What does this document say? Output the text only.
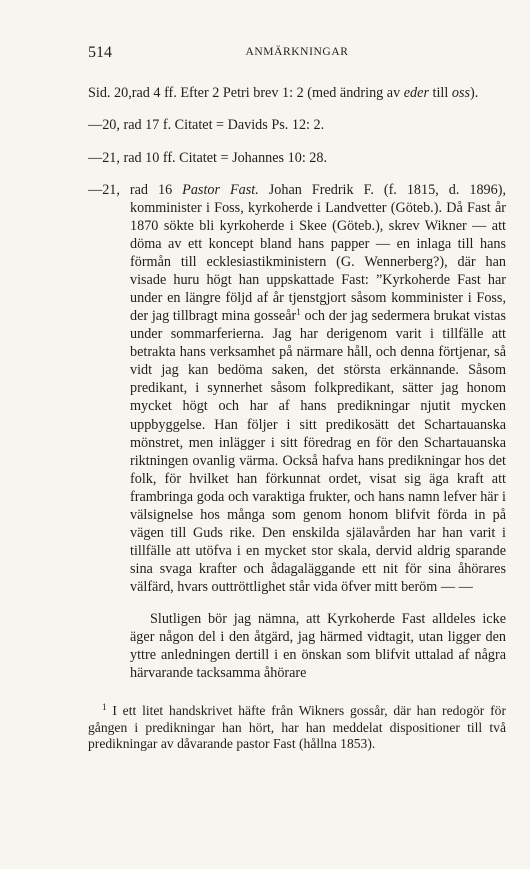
514	ANMÄRKNINGAR

Sid. 20,rad 4 ff. Efter 2 Petri brev 1: 2 (med ändring av eder till oss).

—20, rad 17 f. Citatet = Davids Ps. 12: 2.

—21, rad 10 ff. Citatet = Johannes 10: 28.

—21, rad 16 Pastor Fast. Johan Fredrik F. (f. 1815, d. 1896), komminister i Foss, kyrkoherde i Landvetter (Göteb.). Då Fast år 1870 sökte bli kyrkoherde i Skee (Göteb.), skrev Wikner — att döma av ett koncept bland hans papper — en inlaga till hans förmån till ecklesiastikministern (G. Wennerberg?), där han visade huru högt han uppskattade Fast: ”Kyrkoherde Fast har under en längre följd af år tjenstgjort såsom komminister i Foss, der jag tillbragt mina gosseår$^1$ och der jag sedermera brukat vistas under sommarferierna. Jag har derigenom varit i tillfälle att betrakta hans verksamhet på närmare håll, och denna förtjenar, så vidt jag kan bedöma saken, det största erkännande. Såsom predikant, i synnerhet såsom folkpredikant, sätter jag honom mycket högt och har af hans predikningar njutit mycken uppbyggelse. Han följer i sitt predikosätt det Schartauanska mönstret, men inlägger i sitt föredrag en för den Schartauanska riktningen ovanlig värma. Också hafva hans predikningar hos det folk, för hvilket han förkunnat ordet, visat sig äga kraft att frambringa goda och varaktiga frukter, och hans namn lefver här i välsignelse hos många som genom honom blifvit förda in på vägen till Guds rike. Den enskilda själavården har han varit i tillfälle att utöfva i en mycket stor skala, dervid aldrig sparande sina svaga krafter och ådagaläggande ett nit för sina åhörares välfärd, hvars outtröttlighet står vida öfver mitt beröm — —

Slutligen bör jag nämna, att Kyrkoherde Fast alldeles icke äger någon del i den åtgärd, jag härmed vidtagit, utan ligger den yttre anledningen dertill i en önskan som blifvit uttalad af några härvarande tacksamma åhörare

$^1$ I ett litet handskrivet häfte från Wikners gossår, där han redogör för gången i predikningar han hört, har han meddelat dispositioner till två predikningar av dåvarande pastor Fast (hållna 1853).
